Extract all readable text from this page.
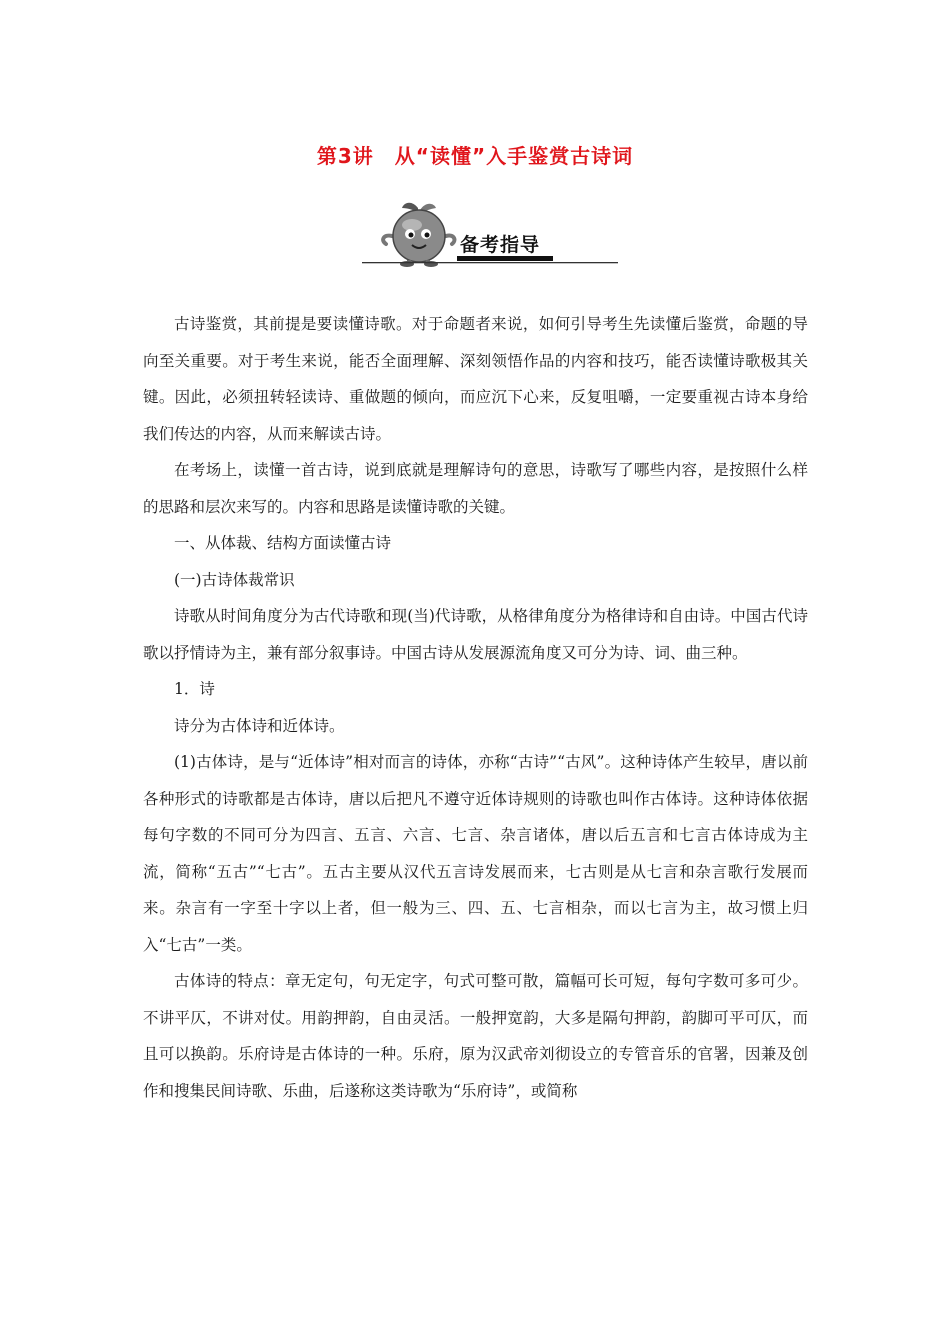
第3讲　从“读懂”入手鉴赏古诗词
备考指导

古诗鉴赏，其前提是要读懂诗歌。对于命题者来说，如何引导考生先读懂后鉴赏，命题的导向至关重要。对于考生来说，能否全面理解、深刻领悟作品的内容和技巧，能否读懂诗歌极其关键。因此，必须扭转轻读诗、重做题的倾向，而应沉下心来，反复咀嚼，一定要重视古诗本身给我们传达的内容，从而来解读古诗。

在考场上，读懂一首古诗，说到底就是理解诗句的意思，诗歌写了哪些内容，是按照什么样的思路和层次来写的。内容和思路是读懂诗歌的关键。

一、从体裁、结构方面读懂古诗

(一)古诗体裁常识

诗歌从时间角度分为古代诗歌和现(当)代诗歌，从格律角度分为格律诗和自由诗。中国古代诗歌以抒情诗为主，兼有部分叙事诗。中国古诗从发展源流角度又可分为诗、词、曲三种。

1．诗

诗分为古体诗和近体诗。

(1)古体诗，是与“近体诗”相对而言的诗体，亦称“古诗”“古风”。这种诗体产生较早，唐以前各种形式的诗歌都是古体诗，唐以后把凡不遵守近体诗规则的诗歌也叫作古体诗。这种诗体依据每句字数的不同可分为四言、五言、六言、七言、杂言诸体，唐以后五言和七言古体诗成为主流，简称“五古”“七古”。五古主要从汉代五言诗发展而来，七古则是从七言和杂言歌行发展而来。杂言有一字至十字以上者，但一般为三、四、五、七言相杂，而以七言为主，故习惯上归入“七古”一类。

古体诗的特点：章无定句，句无定字，句式可整可散，篇幅可长可短，每句字数可多可少。不讲平仄，不讲对仗。用韵押韵，自由灵活。一般押宽韵，大多是隔句押韵，韵脚可平可仄，而且可以换韵。乐府诗是古体诗的一种。乐府，原为汉武帝刘彻设立的专管音乐的官署，因兼及创作和搜集民间诗歌、乐曲，后遂称这类诗歌为“乐府诗”，或简称
